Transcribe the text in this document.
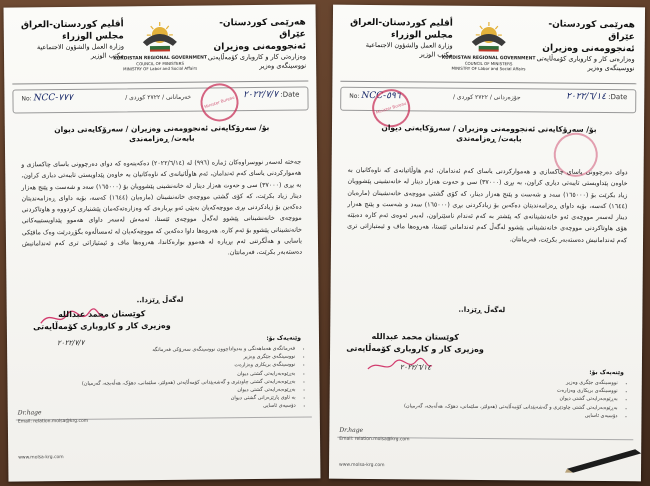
أقليم كوردستان-العراق
مجلس الوزراء
وزارة العمل والشؤون الاجتماعية
مكتب الوزير
KURDISTAN REGIONAL GOVERNMENT
COUNCIL OF MINISTERS
MINISTRY OF Labor and Social Affairs
هەرێمی کوردستان-عێراق
ئەنجوومەنی وەزیران
وەزارەتی کار و کاروباری کۆمەڵایەتی
نووسینگەی وەزیر
No: NCC-٧٧٧	/ خەرمانانی / ٢٧٢٢ کوردی	Date: ٢٠٢٢/٧/٧
Minister Bureau
بۆ/ سەرۆکایەتی ئەنجوومەنی وەزیران / سەرۆکایەتی دیوان
بابەت/ ڕەزامەندی
جەختە لەسەر نووسراوەکان ژمارە (٩٩٦) لە (٢٠٢٢/٦/١٤) دەکەینەوە کە دوای دەرچوونی یاسای چاکسازی و هەموارکردنی یاسای کەم ئەندامان، ئەم هاوڵاتیانەی کە ناوەکانیان بە خاوەن پێداویستی تایبەتی دیاری کراون، بە بڕی (٣٧٠٠٠) سی و حەوت هەزار دینار لە خانەنشینی پێشوویان بۆ (١٦٥٠٠٠) سەد و شەست و پێنج هەزار دینار زیاد بکرێت، کە کۆی گشتی مووچەی خانەنشینان (مارەیان (١٦٤٤) کەسە، بۆیە داوای ڕەزامەندیتان دەکەین بۆ زیادکردنی بڕی مووچەکەیان بەپێی ئەو بڕیارەی کە وەزارەتەکەمان پێشنیاری کردووە و هاوتاکردنی مووچەی خانەنشینانی پێشوو لەگەڵ مووچەی ئێستا، ئەمەش لەسەر داوای هەموو پێداویستییەکانی خانەنشینانی پێشوو بۆ ئەم کارە. هەروەها داوا دەکەین کە مووچەکەیان لە ئەمساڵەوە بگۆڕدرێت وەک مافێکی یاسایی و هەڵگرتنی ئەم بڕیارە لە هەموو بوارەکاندا، هەروەها ماف و ئیمتیازاتی تری کەم ئەندامانیش دەستەبەر بکرێت، فەرمانتان.
لەگەڵ ڕێزدا..
کوێستان محمد عبدالله
وەزیری کار و کاروباری کۆمەڵایەتی
٢٠٢٢/٧/٧
وێنەیەک بۆ:
• فەرمانگەی هەماهەنگی و بەدواداچوون نووسینگەی سەرۆکی فەرمانگە
• نووسینگەی جێگری وەزیر
• نووسینگەی بریکاری وەزارەت
• بەڕێوەبەرایەتی گشتی دیوان
• بەڕێوەبەرایەتی گشتی چاودێری و گەشەپێدانی کۆمەڵایەتی (هەولێر، سلێمانی، دهۆک، هەڵەبجە، گەرمیان)
• بەڕێوەبەرایەتی گشتی دیوان
• بە ئاوی پارێزەرانی گشتی دیوان
• دۆسیەی ئاسایی
Dr.hage
Email: relation.molsa@krg.com
www.molsa-krg.com
أقليم كوردستان-العراق
مجلس الوزراء
وزارة العمل والشؤون الاجتماعية
مكتب الوزير
KURDISTAN REGIONAL GOVERNMENT
COUNCIL OF MINISTERS
MINISTRY OF Labor and Social Affairs
هەرێمی کوردستان-عێراق
ئەنجوومەنی وەزیران
وەزارەتی کار و کاروباری کۆمەڵایەتی
نووسینگەی وەزیر
No: NCC-٥٩٦	/ جۆزەردانی / ٢٧٢٢ کوردی	Date: ٢٠٢٢/٦/١٤
Minister Bureau
بۆ/ سەرۆکایەتی ئەنجوومەنی وەزیران / سەرۆکایەتی دیوان
بابەت/ ڕەزامەندی
دوای دەرچوونی یاسای چاکسازی و هەموارکردنی یاسای کەم ئەندامان، ئەم هاوڵاتیانەی کە ناوەکانیان بە خاوەن پێداویستی تایبەتی دیاری کراون، بە بڕی (٣٧٠٠٠) سی و حەوت هەزار دینار لە خانەنشینی پێشوویان زیاد بکرێت بۆ (١٦٥٠٠٠) سەد و شەست و پێنج هەزار دینار، کە کۆی گشتی مووچەی خانەنشینان (مارەیان (١٦٤٤) کەسە، بۆیە داوای ڕەزامەندیتان دەکەین بۆ زیادکردنی بڕی (١٦٥٠٠٠) سەد و شەست و پێنج هەزار دینار لەسەر مووچەی ئەو خانەنشینانەی کە پێشتر بە کەم ئەندام ناسێنراون، لەبەر ئەوەی ئەم کارە دەبێتە هۆی هاوتاکردنی مووچەی خانەنشینانی پێشوو لەگەڵ کەم ئەندامانی ئێستا، هەروەها ماف و ئیمتیازاتی تری کەم ئەندامانیش دەستەبەر بکرێت، فەرمانتان.
لەگەڵ ڕێزدا..
کوێستان محمد عبدالله
وەزیری کار و کاروباری کۆمەڵایەتی
٢٠٢٢/٦/١٤
وێنەیەک بۆ:
• نووسینگەی جێگری وەزیر
• نووسینگەی بریکاری وەزارەت
• بەڕێوەبەرایەتی گشتی دیوان
• بەڕێوەبەرایەتی گشتی چاودێری و گەشەپێدانی کۆمەڵایەتی (هەولێر، سلێمانی، دهۆک، هەڵەبجە، گەرمیان)
• دۆسیەی ئاسایی
Dr.hage
Email: relation.molsa@krg.com
www.molsa-krg.com
